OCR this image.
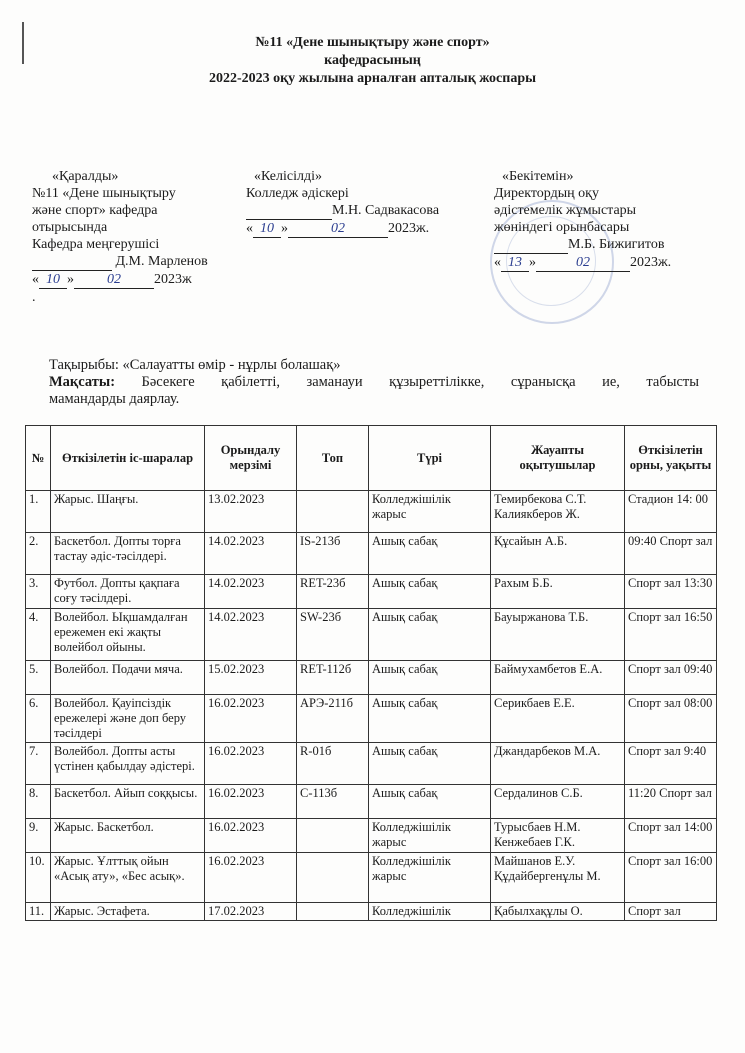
№11 «Дене шынықтыру және спорт»
кафедрасының
2022-2023 оқу жылына арналған апталық жоспары
«Қаралды»
№11 «Дене шынықтыру
және спорт» кафедра
отырысында
Кафедра меңгерушісі
Д.М. Марленов
« 10 » 02 2023ж
.
«Келісілді»
Колледж әдіскері
М.Н. Садвакасова
« 10 »	02	2023ж.
«Бекітемін»
Директордың оқу
әдістемелік жұмыстары
жөніндегі орынбасары
М.Б. Бижигитов
« 13 »	02	2023ж.
Тақырыбы: «Салауатты өмір - нұрлы болашақ»
Мақсаты: Бәсекеге қабілетті, заманауи құзыреттілікке, сұранысқа ие, табысты
мамандарды даярлау.
№	Өткізілетін іс-шаралар	Орындалу мерзімі	Топ	Түрі	Жауапты оқытушылар	Өткізілетін орны, уақыты
1.	Жарыс. Шаңғы.	13.02.2023		Колледжішілік жарыс	Темирбекова С.Т. Калиякберов Ж.	Стадион 14: 00
2.	Баскетбол. Допты торға тастау әдіс-тәсілдері.	14.02.2023	IS-213б	Ашық сабақ	Құсайын А.Б.	09:40 Спорт зал
3.	Футбол. Допты қақпаға соғу тәсілдері.	14.02.2023	RET-23б	Ашық сабақ	Рахым Б.Б.	Спорт зал 13:30
4.	Волейбол. Ықшамдалған ережемен екі жақты волейбол ойыны.	14.02.2023	SW-23б	Ашық сабақ	Бауыржанова Т.Б.	Спорт зал 16:50
5.	Волейбол. Подачи мяча.	15.02.2023	RET-112б	Ашық сабақ	Баймухамбетов Е.А.	Спорт зал 09:40
6.	Волейбол. Қауіпсіздік ережелері және доп беру тәсілдері	16.02.2023	АРЭ-211б	Ашық сабақ	Серикбаев Е.Е.	Спорт зал 08:00
7.	Волейбол. Допты асты үстінен қабылдау әдістері.	16.02.2023	R-01б	Ашық сабақ	Джандарбеков М.А.	Спорт зал 9:40
8.	Баскетбол. Айып соққысы.	16.02.2023	С-113б	Ашық сабақ	Сердалинов С.Б.	11:20 Спорт зал
9.	Жарыс. Баскетбол.	16.02.2023		Колледжішілік жарыс	Турысбаев Н.М. Кенжебаев Г.К.	Спорт зал 14:00
10.	Жарыс. Ұлттық ойын «Асық ату», «Бес асық».	16.02.2023		Колледжішілік жарыс	Майшанов Е.У. Құдайбергенұлы М.	Спорт зал 16:00
11.	Жарыс. Эстафета.	17.02.2023		Колледжішілік	Қабылхақұлы О.	Спорт зал
